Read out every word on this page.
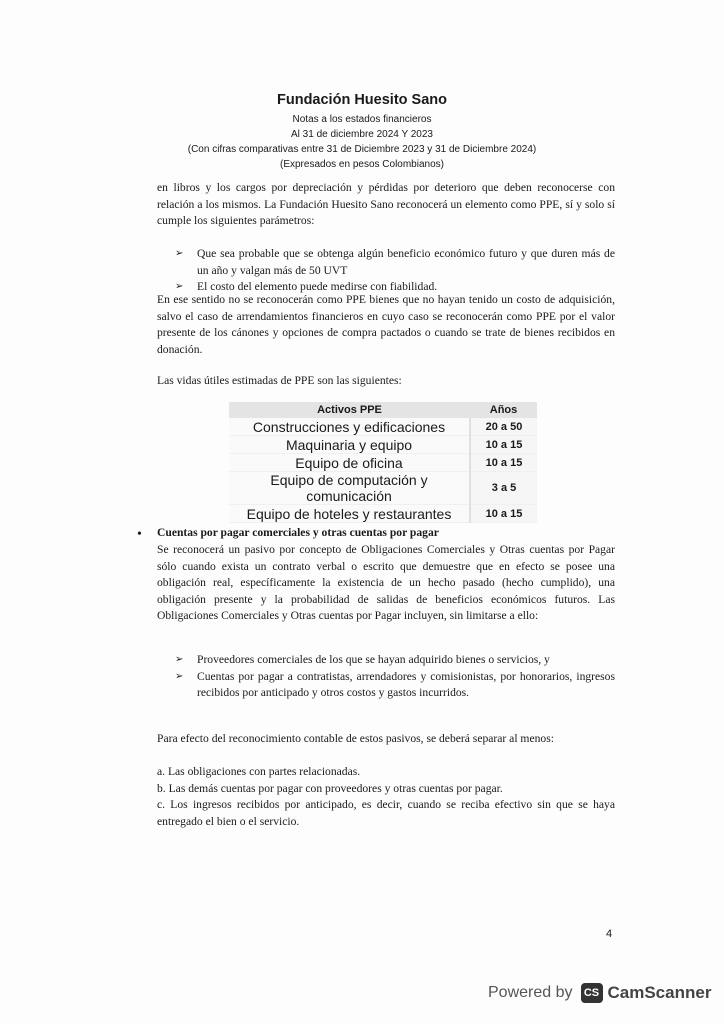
Fundación Huesito Sano

Notas a los estados financieros

Al 31 de diciembre 2024 Y 2023

(Con cifras comparativas entre 31 de Diciembre 2023 y 31 de Diciembre 2024)

(Expresados en pesos Colombianos)

en libros y los cargos por depreciación y pérdidas por deterioro que deben reconocerse con relación a los mismos. La Fundación Huesito Sano reconocerá un elemento como PPE, sí y solo sí cumple los siguientes parámetros:

➢ Que sea probable que se obtenga algún beneficio económico futuro y que duren más de un año y valgan más de 50 UVT
➢ El costo del elemento puede medirse con fiabilidad.

En ese sentido no se reconocerán como PPE bienes que no hayan tenido un costo de adquisición, salvo el caso de arrendamientos financieros en cuyo caso se reconocerán como PPE por el valor presente de los cánones y opciones de compra pactados o cuando se trate de bienes recibidos en donación.

Las vidas útiles estimadas de PPE son las siguientes:

Activos PPE	Años
Construcciones y edificaciones	20 a 50
Maquinaria y equipo	10 a 15
Equipo de oficina	10 a 15
Equipo de computación y comunicación	3 a 5
Equipo de hoteles y restaurantes	10 a 15
• Cuentas por pagar comerciales y otras cuentas por pagar

Se reconocerá un pasivo por concepto de Obligaciones Comerciales y Otras cuentas por Pagar sólo cuando exista un contrato verbal o escrito que demuestre que en efecto se posee una obligación real, específicamente la existencia de un hecho pasado (hecho cumplido), una obligación presente y la probabilidad de salidas de beneficios económicos futuros. Las Obligaciones Comerciales y Otras cuentas por Pagar incluyen, sin limitarse a ello:

➢ Proveedores comerciales de los que se hayan adquirido bienes o servicios, y
➢ Cuentas por pagar a contratistas, arrendadores y comisionistas, por honorarios, ingresos recibidos por anticipado y otros costos y gastos incurridos.

Para efecto del reconocimiento contable de estos pasivos, se deberá separar al menos:

a. Las obligaciones con partes relacionadas.
b. Las demás cuentas por pagar con proveedores y otras cuentas por pagar.
c. Los ingresos recibidos por anticipado, es decir, cuando se reciba efectivo sin que se haya entregado el bien o el servicio.
4
Powered by	CS CamScanner
